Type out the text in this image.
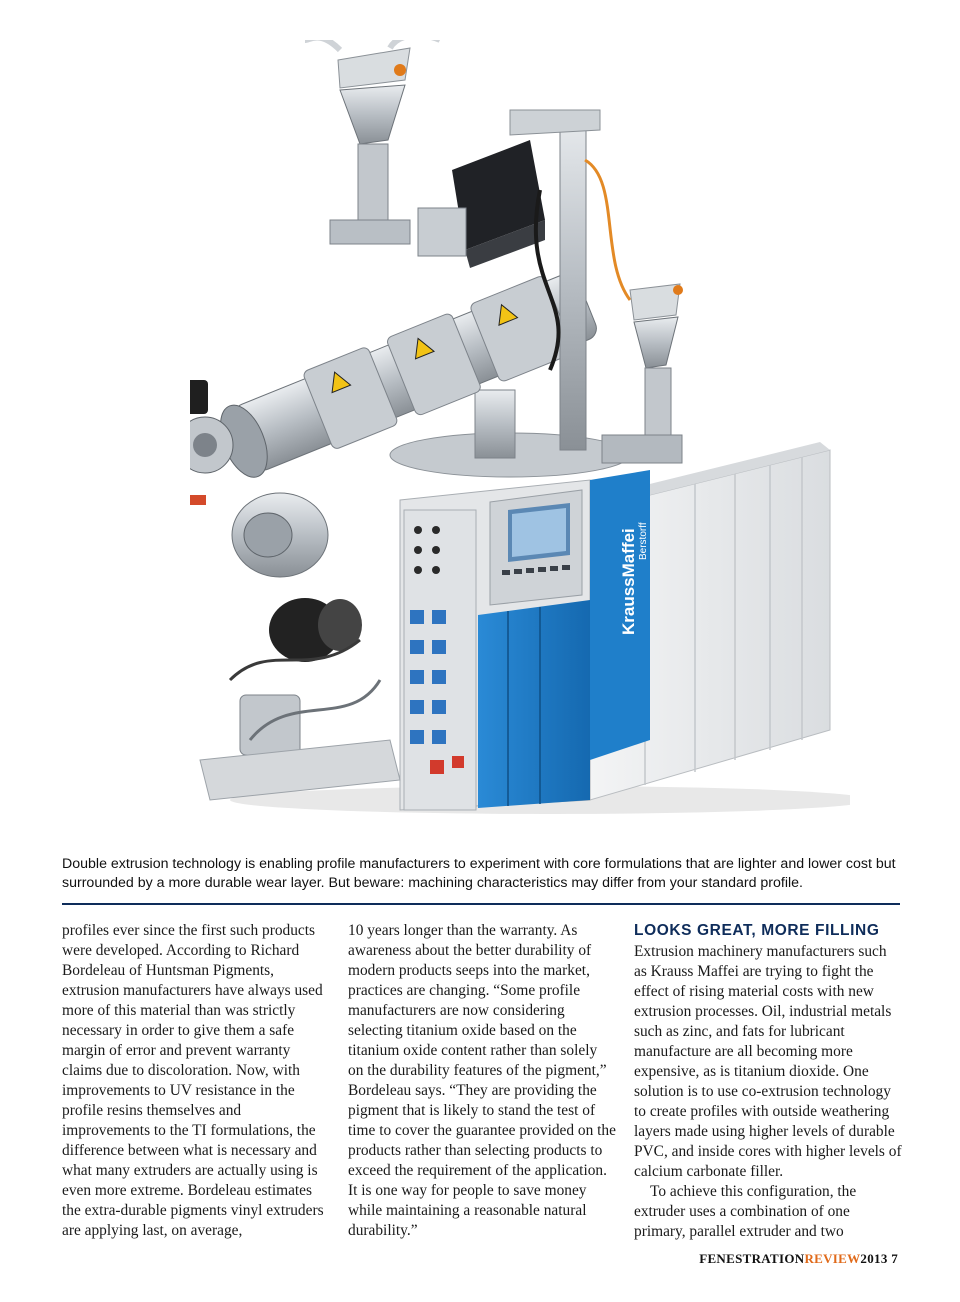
KraussMaffei Berstorff
Double extrusion technology is enabling profile manufacturers to experiment with core formulations that are lighter and lower cost but surrounded by a more durable wear layer. But beware: machining characteristics may differ from your standard profile.

profiles ever since the first such products were developed. According to Richard Bordeleau of Huntsman Pigments, extrusion manufacturers have always used more of this material than was strictly necessary in order to give them a safe margin of error and prevent warranty claims due to discoloration. Now, with improvements to UV resistance in the profile resins themselves and improvements to the TI formulations, the difference between what is necessary and what many extruders are actually using is even more extreme. Bordeleau estimates the extra-durable pigments vinyl extruders are applying last, on average,

10 years longer than the warranty. As awareness about the better durability of modern products seeps into the market, practices are changing. “Some profile manufacturers are now considering selecting titanium oxide based on the titanium oxide content rather than solely on the durability features of the pigment,” Bordeleau says. “They are providing the pigment that is likely to stand the test of time to cover the guarantee provided on the products rather than selecting products to exceed the requirement of the application. It is one way for people to save money while maintaining a reasonable natural durability.”

LOOKS GREAT, MORE FILLING

Extrusion machinery manufacturers such as Krauss Maffei are trying to fight the effect of rising material costs with new extrusion processes. Oil, industrial metals such as zinc, and fats for lubricant manufacture are all becoming more expensive, as is titanium dioxide. One solution is to use co-extrusion technology to create profiles with outside weathering layers made using higher levels of durable PVC, and inside cores with higher levels of calcium carbonate filler.

To achieve this configuration, the extruder uses a combination of one primary, parallel extruder and two

FENESTRATIONREVIEW2013 7
